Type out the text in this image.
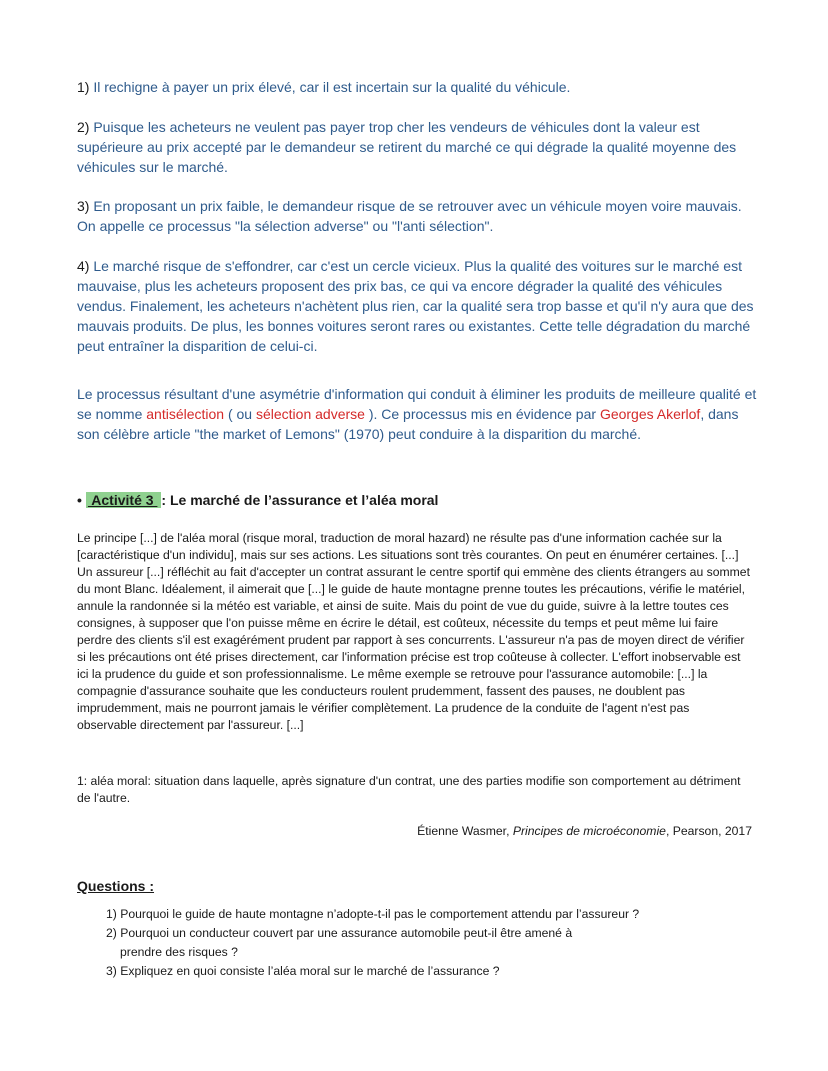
1) Il rechigne à payer un prix élevé, car il est incertain sur la qualité du véhicule.

2) Puisque les acheteurs ne veulent pas payer trop cher les vendeurs de véhicules dont la valeur est supérieure au prix accepté par le demandeur se retirent du marché ce qui dégrade la qualité moyenne des véhicules sur le marché.

3) En proposant un prix faible, le demandeur risque de se retrouver avec un véhicule moyen voire mauvais. On appelle ce processus "la sélection adverse" ou "l'anti sélection".

4) Le marché risque de s'effondrer, car c'est un cercle vicieux. Plus la qualité des voitures sur le marché est mauvaise, plus les acheteurs proposent des prix bas, ce qui va encore dégrader la qualité des véhicules vendus. Finalement, les acheteurs n'achètent plus rien, car la qualité sera trop basse et qu'il n'y aura que des mauvais produits. De plus, les bonnes voitures seront rares ou existantes. Cette telle dégradation du marché peut entraîner la disparition de celui-ci.

Le processus résultant d'une asymétrie d'information qui conduit à éliminer les produits de meilleure qualité et se nomme antisélection ( ou sélection adverse ). Ce processus mis en évidence par Georges Akerlof, dans son célèbre article "the market of Lemons" (1970) peut conduire à la disparition du marché.

• Activité 3 : Le marché de l’assurance et l’aléa moral

Le principe [...] de l'aléa moral (risque moral, traduction de moral hazard) ne résulte pas d'une information cachée sur la [caractéristique d'un individu], mais sur ses actions. Les situations sont très courantes. On peut en énumérer certaines. [...] Un assureur [...] réfléchit au fait d'accepter un contrat assurant le centre sportif qui emmène des clients étrangers au sommet du mont Blanc. Idéalement, il aimerait que [...] le guide de haute montagne prenne toutes les précautions, vérifie le matériel, annule la randonnée si la météo est variable, et ainsi de suite. Mais du point de vue du guide, suivre à la lettre toutes ces consignes, à supposer que l'on puisse même en écrire le détail, est coûteux, nécessite du temps et peut même lui faire perdre des clients s'il est exagérément prudent par rapport à ses concurrents. L'assureur n'a pas de moyen direct de vérifier si les précautions ont été prises directement, car l'information précise est trop coûteuse à collecter. L'effort inobservable est ici la prudence du guide et son professionnalisme. Le même exemple se retrouve pour l'assurance automobile: [...] la compagnie d'assurance souhaite que les conducteurs roulent prudemment, fassent des pauses, ne doublent pas imprudemment, mais ne pourront jamais le vérifier complètement. La prudence de la conduite de l'agent n'est pas observable directement par l'assureur. [...]

1: aléa moral: situation dans laquelle, après signature d'un contrat, une des parties modifie son comportement au détriment de l'autre.

Étienne Wasmer, Principes de microéconomie, Pearson, 2017

Questions :
1) Pourquoi le guide de haute montagne n’adopte-t-il pas le comportement attendu par l’assureur ?
2) Pourquoi un conducteur couvert par une assurance automobile peut-il être amené à
prendre des risques ?
3) Expliquez en quoi consiste l’aléa moral sur le marché de l’assurance ?
